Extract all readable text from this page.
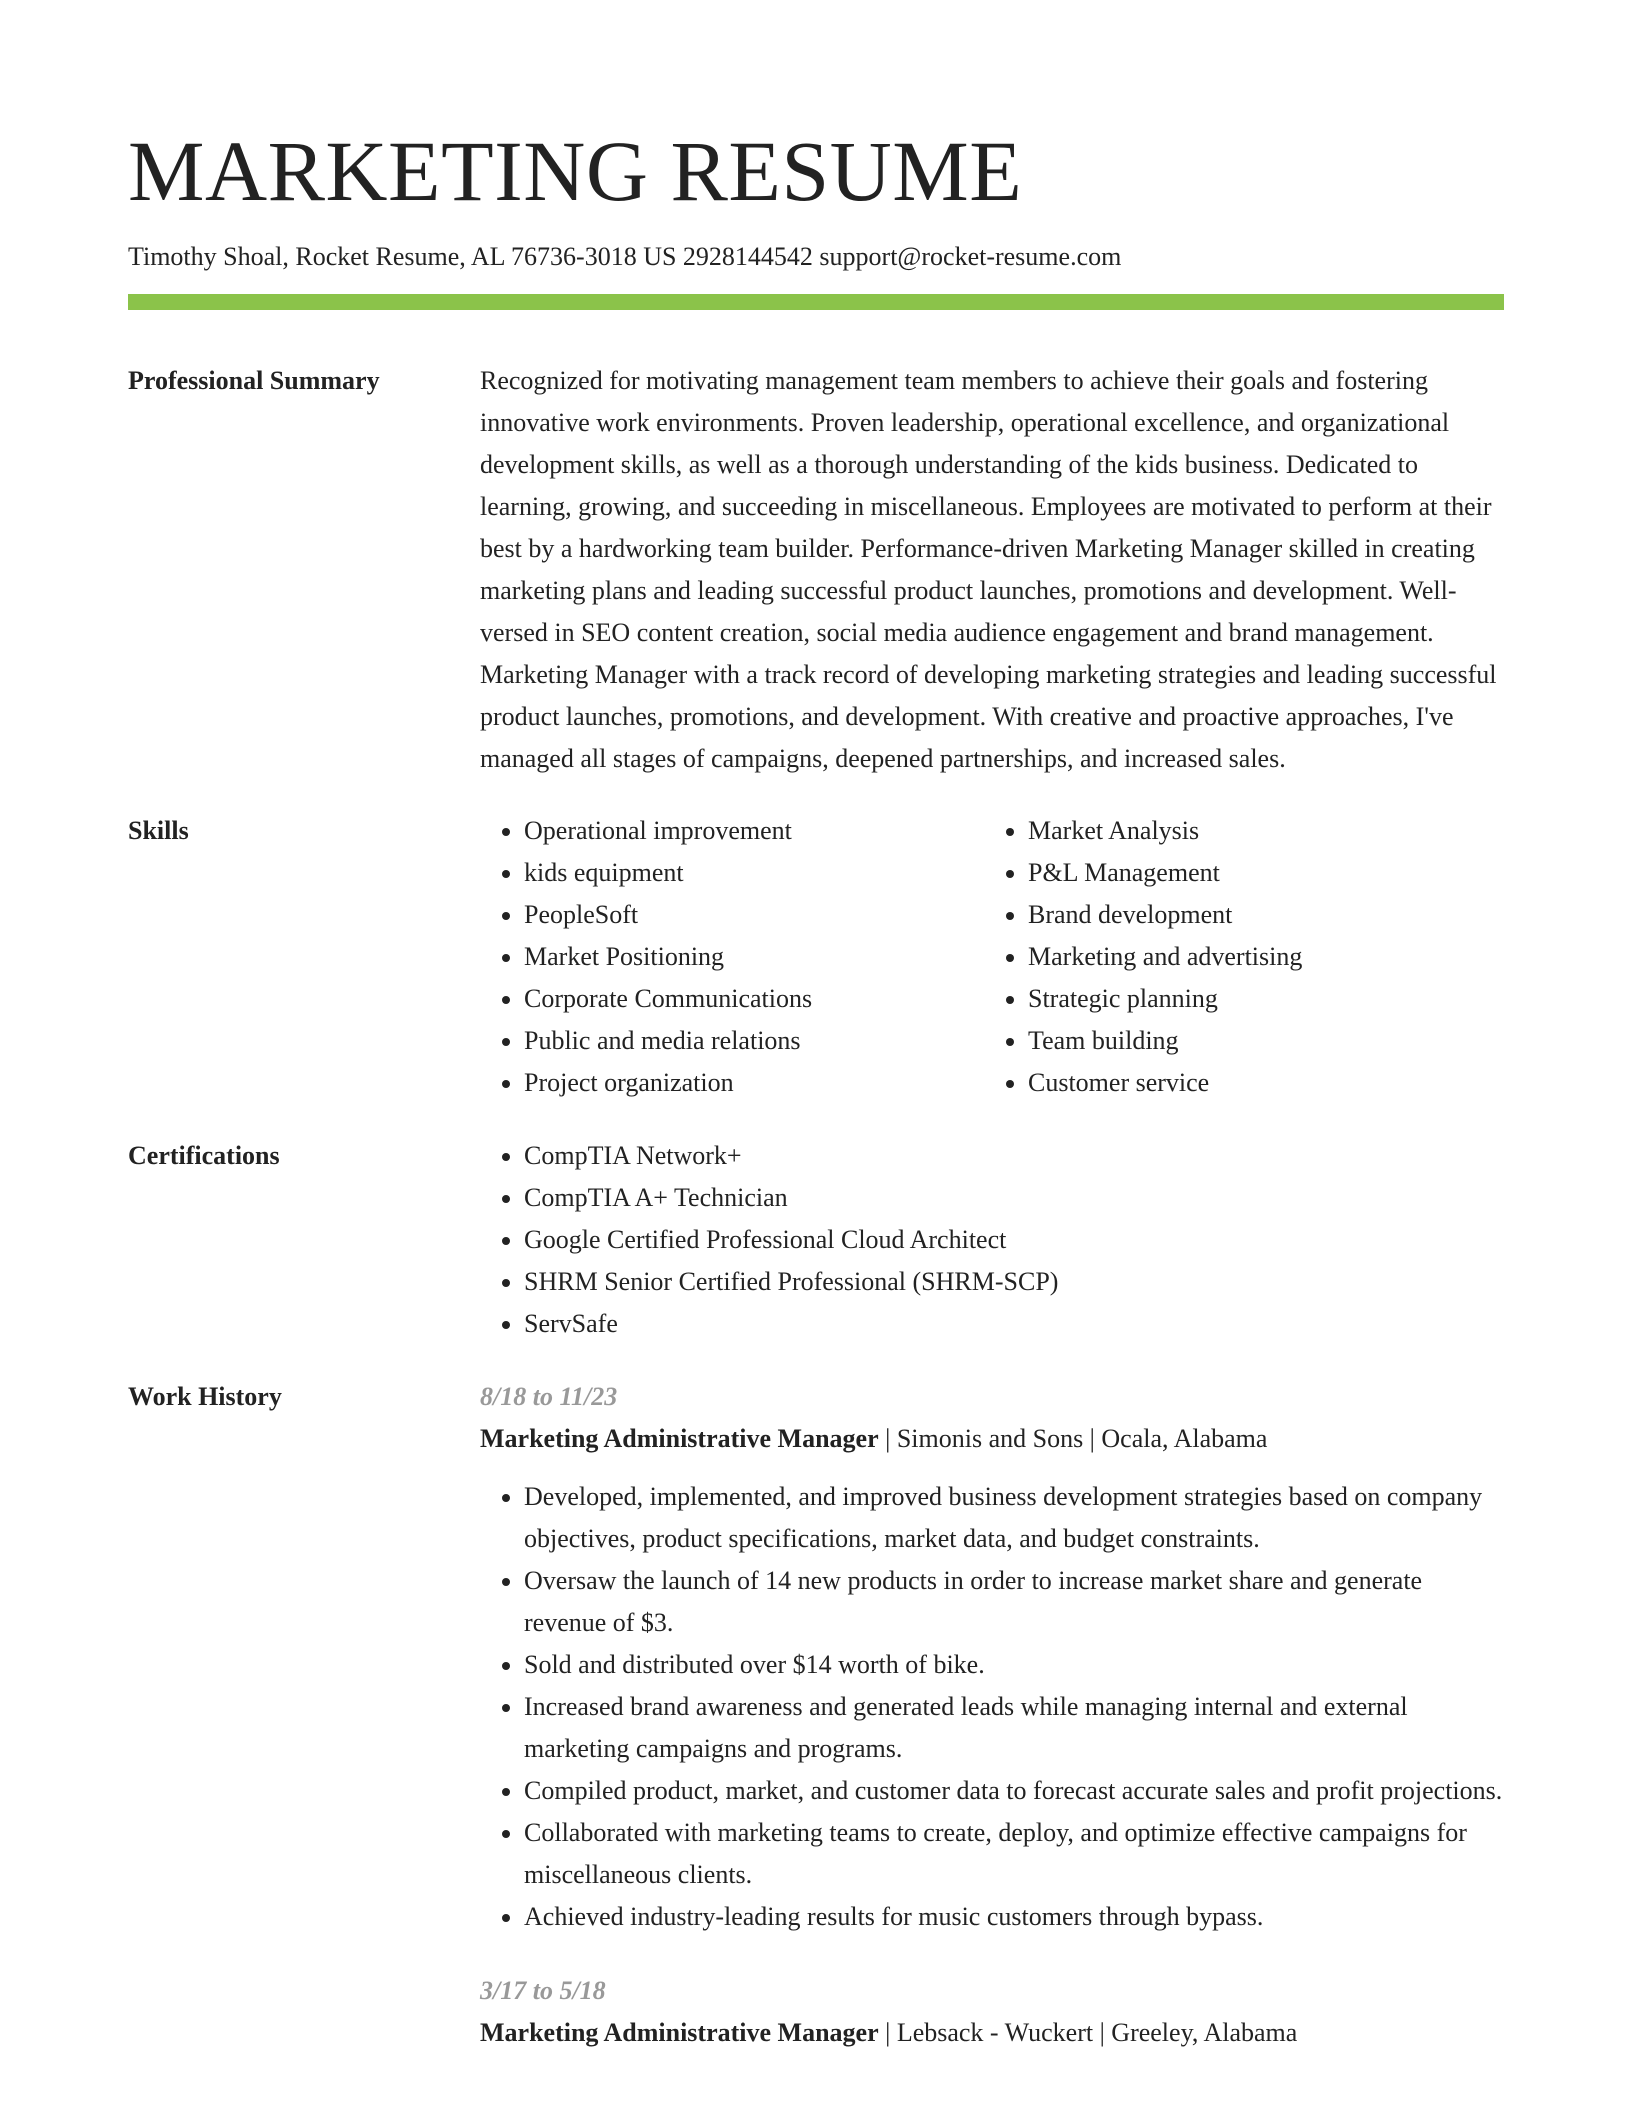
MARKETING RESUME
Timothy Shoal, Rocket Resume, AL 76736-3018 US 2928144542 support@rocket-resume.com
Professional Summary	Recognized for motivating management team members to achieve their goals and fostering innovative work environments. Proven leadership, operational excellence, and organizational development skills, as well as a thorough understanding of the kids business. Dedicated to learning, growing, and succeeding in miscellaneous. Employees are motivated to perform at their best by a hardworking team builder. Performance-driven Marketing Manager skilled in creating marketing plans and leading successful product launches, promotions and development. Well-versed in SEO content creation, social media audience engagement and brand management. Marketing Manager with a track record of developing marketing strategies and leading successful product launches, promotions, and development. With creative and proactive approaches, I've managed all stages of campaigns, deepened partnerships, and increased sales.

Skills	• Operational improvement
• kids equipment
• PeopleSoft
• Market Positioning
• Corporate Communications
• Public and media relations
• Project organization
• Market Analysis
• P&L Management
• Brand development
• Marketing and advertising
• Strategic planning
• Team building
• Customer service
Certifications	• CompTIA Network+
• CompTIA A+ Technician
• Google Certified Professional Cloud Architect
• SHRM Senior Certified Professional (SHRM-SCP)
• ServSafe
Work History	8/18 to 11/23
Marketing Administrative Manager | Simonis and Sons | Ocala, Alabama
• Developed, implemented, and improved business development strategies based on company objectives, product specifications, market data, and budget constraints.
• Oversaw the launch of 14 new products in order to increase market share and generate revenue of $3.
• Sold and distributed over $14 worth of bike.
• Increased brand awareness and generated leads while managing internal and external marketing campaigns and programs.
• Compiled product, market, and customer data to forecast accurate sales and profit projections.
• Collaborated with marketing teams to create, deploy, and optimize effective campaigns for miscellaneous clients.
• Achieved industry-leading results for music customers through bypass.
3/17 to 5/18
Marketing Administrative Manager | Lebsack - Wuckert | Greeley, Alabama
